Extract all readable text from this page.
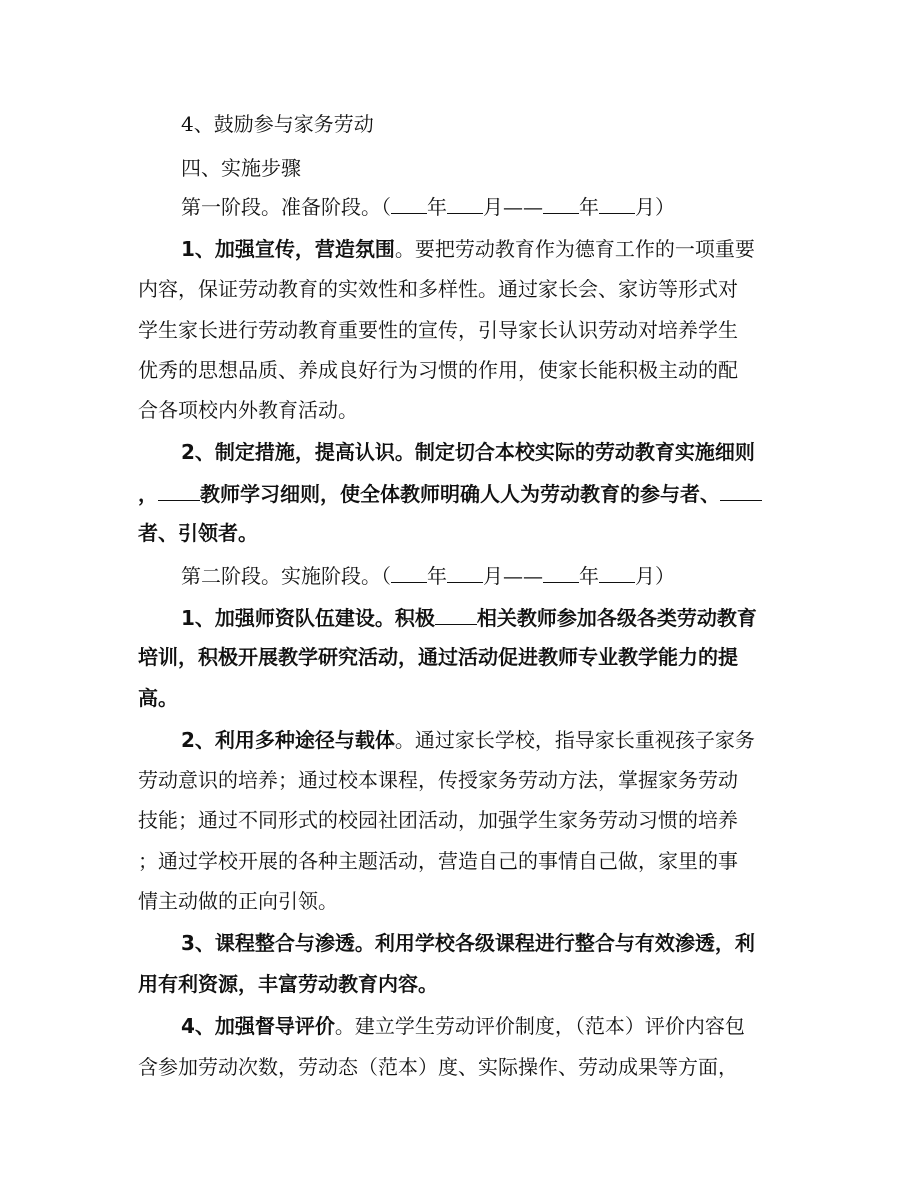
4、鼓励参与家务劳动
四、实施步骤
第一阶段。准备阶段。（ 年 月—— 年 月）
1、加强宣传，营造氛围。要把劳动教育作为德育工作的一项重要
内容，保证劳动教育的实效性和多样性。通过家长会、家访等形式对
学生家长进行劳动教育重要性的宣传，引导家长认识劳动对培养学生
优秀的思想品质、养成良好行为习惯的作用，使家长能积极主动的配
合各项校内外教育活动。
2、制定措施，提高认识。制定切合本校实际的劳动教育实施细则
， 教师学习细则，使全体教师明确人人为劳动教育的参与者、
者、引领者。
第二阶段。实施阶段。（ 年 月—— 年 月）
1、加强师资队伍建设。积极 相关教师参加各级各类劳动教育
培训，积极开展教学研究活动，通过活动促进教师专业教学能力的提
高。
2、利用多种途径与载体。通过家长学校，指导家长重视孩子家务
劳动意识的培养；通过校本课程，传授家务劳动方法，掌握家务劳动
技能；通过不同形式的校园社团活动，加强学生家务劳动习惯的培养
；通过学校开展的各种主题活动，营造自己的事情自己做，家里的事
情主动做的正向引领。
3、课程整合与渗透。利用学校各级课程进行整合与有效渗透，利
用有利资源，丰富劳动教育内容。
4、加强督导评价。建立学生劳动评价制度，（范本）评价内容包
含参加劳动次数，劳动态（范本）度、实际操作、劳动成果等方面，
